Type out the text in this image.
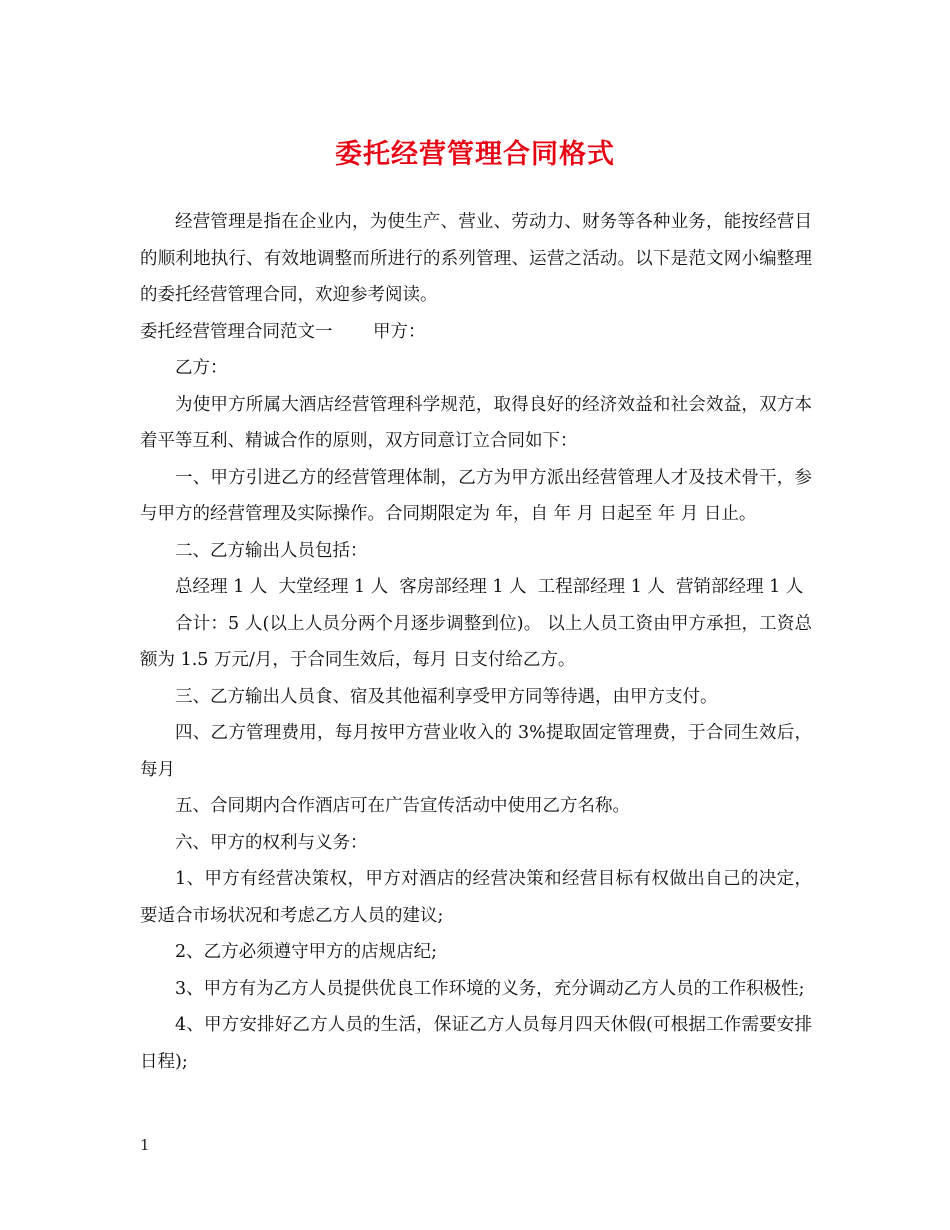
委托经营管理合同格式

经营管理是指在企业内，为使生产、营业、劳动力、财务等各种业务，能按经营目的顺利地执行、有效地调整而所进行的系列管理、运营之活动。以下是范文网小编整理的委托经营管理合同，欢迎参考阅读。

委托经营管理合同范文一　　 甲方：

乙方：

为使甲方所属大酒店经营管理科学规范，取得良好的经济效益和社会效益，双方本着平等互利、精诚合作的原则，双方同意订立合同如下：

一、甲方引进乙方的经营管理体制，乙方为甲方派出经营管理人才及技术骨干，参与甲方的经营管理及实际操作。合同期限定为 年，自 年 月 日起至 年 月 日止。

二、乙方输出人员包括：

总经理 1 人  大堂经理 1 人  客房部经理 1 人  工程部经理 1 人  营销部经理 1 人

合计：5 人(以上人员分两个月逐步调整到位)。 以上人员工资由甲方承担，工资总额为 1.5 万元/月，于合同生效后，每月 日支付给乙方。

三、乙方输出人员食、宿及其他福利享受甲方同等待遇，由甲方支付。

四、乙方管理费用，每月按甲方营业收入的 3%提取固定管理费，于合同生效后，每月

五、合同期内合作酒店可在广告宣传活动中使用乙方名称。

六、甲方的权利与义务：

1、甲方有经营决策权，甲方对酒店的经营决策和经营目标有权做出自己的决定，要适合市场状况和考虑乙方人员的建议;

2、乙方必须遵守甲方的店规店纪;

3、甲方有为乙方人员提供优良工作环境的义务，充分调动乙方人员的工作积极性;

4、甲方安排好乙方人员的生活，保证乙方人员每月四天休假(可根据工作需要安排日程);

1
